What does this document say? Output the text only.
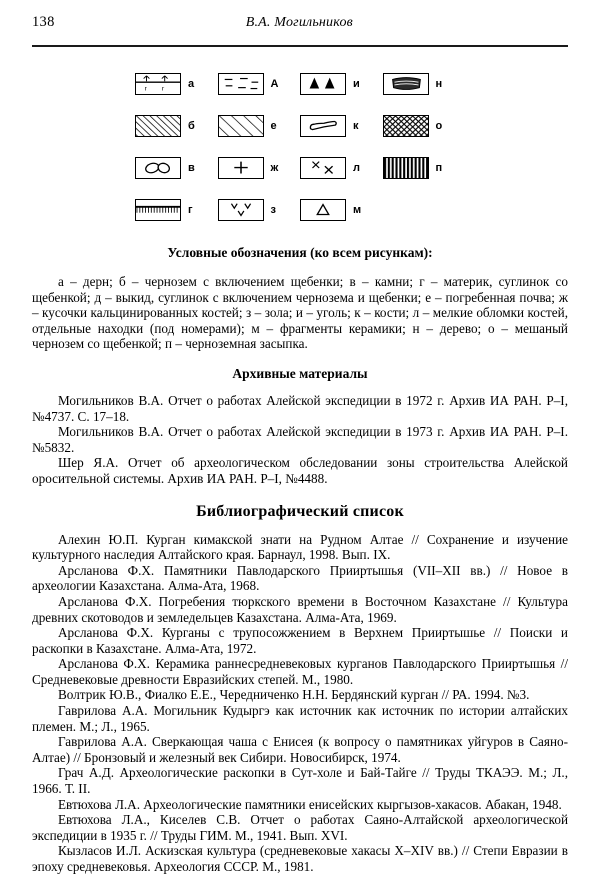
138	В.А. Могильников
г г а	А	и	н
б	е	к	о
в	ж	л	п
г	з	м
Условные обозначения (ко всем рисункам):

а – дерн; б – чернозем с включением щебенки; в – камни; г – материк, суглинок со щебенкой; д – выкид, суглинок с включением чернозема и щебенки; е – погребенная почва; ж – кусочки кальцинированных костей; з – зола; и – уголь; к – кости; л – мелкие обломки костей, отдельные находки (под номерами); м – фрагменты керамики; н – дерево; о – мешаный чернозем со щебенкой; п – черноземная засыпка.

Архивные материалы

Могильников В.А. Отчет о работах Алейской экспедиции в 1972 г. Архив ИА РАН. Р–I, №4737. С. 17–18.

Могильников В.А. Отчет о работах Алейской экспедиции в 1973 г. Архив ИА РАН. Р–I. №5832.

Шер Я.А. Отчет об археологическом обследовании зоны строительства Алейской оросительной системы. Архив ИА РАН. Р–I, №4488.

Библиографический список

Алехин Ю.П. Курган кимакской знати на Рудном Алтае // Сохранение и изучение культурного наследия Алтайского края. Барнаул, 1998. Вып. IX.

Арсланова Ф.Х. Памятники Павлодарского Прииртышья (VII–XII вв.) // Новое в археологии Казахстана. Алма-Ата, 1968.

Арсланова Ф.Х. Погребения тюркского времени в Восточном Казахстане // Культура древних скотоводов и земледельцев Казахстана. Алма-Ата, 1969.

Арсланова Ф.Х. Курганы с трупосожжением в Верхнем Прииртышье // Поиски и раскопки в Казахстане. Алма-Ата, 1972.

Арсланова Ф.Х. Керамика раннесредневековых курганов Павлодарского Прииртышья // Средневековые древности Евразийских степей. М., 1980.

Волтрик Ю.В., Фиалко Е.Е., Чередниченко Н.Н. Бердянский курган // РА. 1994. №3.

Гаврилова А.А. Могильник Кудыргэ как источник как источник по истории алтайских племен. М.; Л., 1965.

Гаврилова А.А. Сверкающая чаша с Енисея (к вопросу о памятниках уйгуров в Саяно-Алтае) // Бронзовый и железный век Сибири. Новосибирск, 1974.

Грач А.Д. Археологические раскопки в Сут-холе и Бай-Тайге // Труды ТКАЭЭ. М.; Л., 1966. Т. II.

Евтюхова Л.А. Археологические памятники енисейских кыргызов-хакасов. Абакан, 1948.

Евтюхова Л.А., Киселев С.В. Отчет о работах Саяно-Алтайской археологической экспедиции в 1935 г. // Труды ГИМ. М., 1941. Вып. XVI.

Кызласов И.Л. Аскизская культура (средневековые хакасы X–XIV вв.) // Степи Евразии в эпоху средневековья. Археология СССР. М., 1981.
